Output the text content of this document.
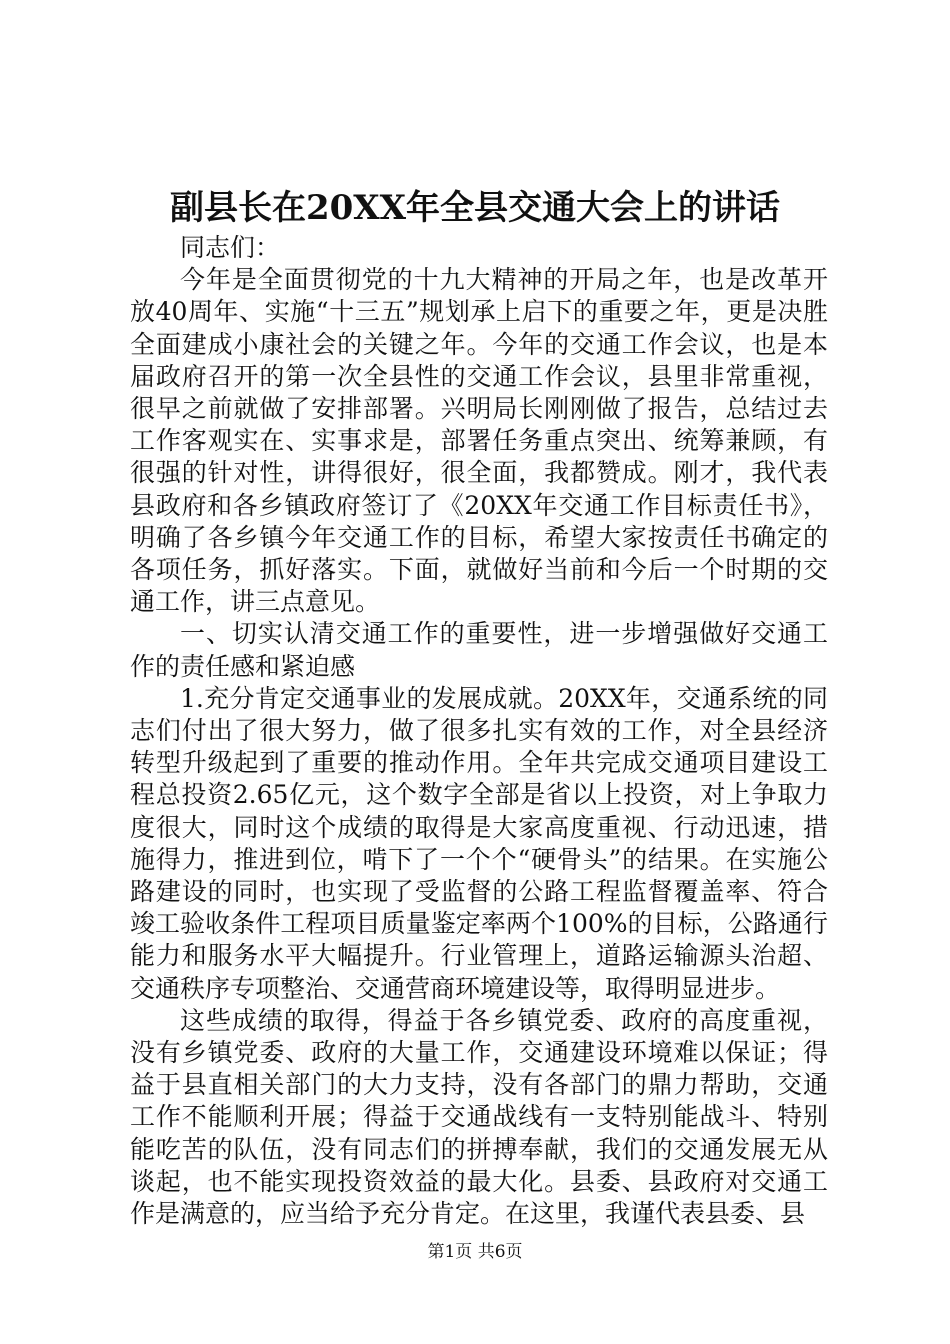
副县长在20XX年全县交通大会上的讲话

同志们：

今年是全面贯彻党的十九大精神的开局之年，也是改革开放40周年、实施“十三五”规划承上启下的重要之年，更是决胜全面建成小康社会的关键之年。今年的交通工作会议，也是本届政府召开的第一次全县性的交通工作会议，县里非常重视，很早之前就做了安排部署。兴明局长刚刚做了报告，总结过去工作客观实在、实事求是，部署任务重点突出、统筹兼顾，有很强的针对性，讲得很好，很全面，我都赞成。刚才，我代表县政府和各乡镇政府签订了《20XX年交通工作目标责任书》，明确了各乡镇今年交通工作的目标，希望大家按责任书确定的各项任务，抓好落实。下面，就做好当前和今后一个时期的交通工作，讲三点意见。

一、切实认清交通工作的重要性，进一步增强做好交通工作的责任感和紧迫感

1.充分肯定交通事业的发展成就。20XX年，交通系统的同志们付出了很大努力，做了很多扎实有效的工作，对全县经济转型升级起到了重要的推动作用。全年共完成交通项目建设工程总投资2.65亿元，这个数字全部是省以上投资，对上争取力度很大，同时这个成绩的取得是大家高度重视、行动迅速，措施得力，推进到位，啃下了一个个“硬骨头”的结果。在实施公路建设的同时，也实现了受监督的公路工程监督覆盖率、符合竣工验收条件工程项目质量鉴定率两个100%的目标，公路通行能力和服务水平大幅提升。行业管理上，道路运输源头治超、交通秩序专项整治、交通营商环境建设等，取得明显进步。

这些成绩的取得，得益于各乡镇党委、政府的高度重视，没有乡镇党委、政府的大量工作，交通建设环境难以保证；得益于县直相关部门的大力支持，没有各部门的鼎力帮助，交通工作不能顺利开展；得益于交通战线有一支特别能战斗、特别能吃苦的队伍，没有同志们的拼搏奉献，我们的交通发展无从谈起，也不能实现投资效益的最大化。县委、县政府对交通工作是满意的，应当给予充分肯定。在这里，我谨代表县委、县

第1页 共6页
